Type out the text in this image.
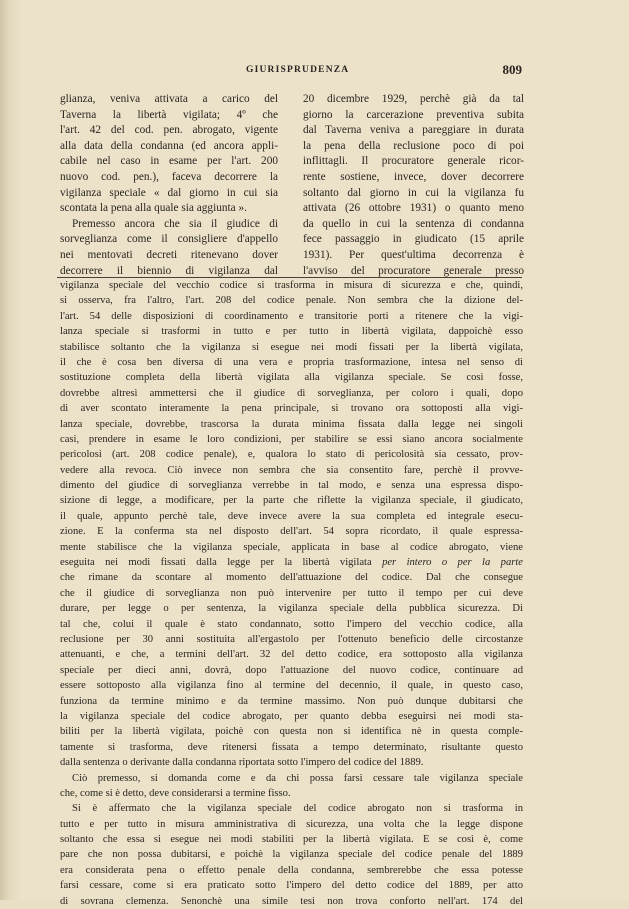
GIURISPRUDENZA	809
glianza, veniva attivata a carico del
Taverna la libertà vigilata; 4º che
l'art. 42 del cod. pen. abrogato, vigente
alla data della condanna (ed ancora appli-
cabile nel caso in esame per l'art. 200
nuovo cod. pen.), faceva decorrere la
vigilanza speciale « dal giorno in cui sia
scontata la pena alla quale sia aggiunta ».
Premesso ancora che sia il giudice di
sorveglianza come il consigliere d'appello
nei mentovati decreti ritenevano dover
decorrere il biennio di vigilanza dal
20 dicembre 1929, perchè già da tal
giorno la carcerazione preventiva subita
dal Taverna veniva a pareggiare in durata
la pena della reclusione poco di poi
inflittagli. Il procuratore generale ricor-
rente sostiene, invece, dover decorrere
soltanto dal giorno in cui la vigilanza fu
attivata (26 ottobre 1931) o quanto meno
da quello in cui la sentenza di condanna
fece passaggio in giudicato (15 aprile
1931). Per quest'ultima decorrenza è
l'avviso del procuratore generale presso
vigilanza speciale del vecchio codice si trasforma in misura di sicurezza e che, quindi,
si osserva, fra l'altro, l'art. 208 del codice penale. Non sembra che la dizione del-
l'art. 54 delle disposizioni di coordinamento e transitorie porti a ritenere che la vigi-
lanza speciale si trasformi in tutto e per tutto in libertà vigilata, dappoichè esso
stabilisce soltanto che la vigilanza si esegue nei modi fissati per la libertà vigilata,
il che è cosa ben diversa di una vera e propria trasformazione, intesa nel senso di
sostituzione completa della libertà vigilata alla vigilanza speciale. Se così fosse,
dovrebbe altresì ammettersi che il giudice di sorveglianza, per coloro i quali, dopo
di aver scontato interamente la pena principale, si trovano ora sottoposti alla vigi-
lanza speciale, dovrebbe, trascorsa la durata minima fissata dalla legge nei singoli
casi, prendere in esame le loro condizioni, per stabilire se essi siano ancora socialmente
pericolosi (art. 208 codice penale), e, qualora lo stato di pericolosità sia cessato, prov-
vedere alla revoca. Ciò invece non sembra che sia consentito fare, perchè il provve-
dimento del giudice di sorveglianza verrebbe in tal modo, e senza una espressa dispo-
sizione di legge, a modificare, per la parte che riflette la vigilanza speciale, il giudicato,
il quale, appunto perchè tale, deve invece avere la sua completa ed integrale esecu-
zione. E la conferma sta nel disposto dell'art. 54 sopra ricordato, il quale espressa-
mente stabilisce che la vigilanza speciale, applicata in base al codice abrogato, viene
eseguita nei modi fissati dalla legge per la libertà vigilata per intero o per la parte
che rimane da scontare al momento dell'attuazione del codice. Dal che consegue
che il giudice di sorveglianza non può intervenire per tutto il tempo per cui deve
durare, per legge o per sentenza, la vigilanza speciale della pubblica sicurezza. Di
tal che, colui il quale è stato condannato, sotto l'impero del vecchio codice, alla
reclusione per 30 anni sostituita all'ergastolo per l'ottenuto beneficio delle circostanze
attenuanti, e che, a termini dell'art. 32 del detto codice, era sottoposto alla vigilanza
speciale per dieci anni, dovrà, dopo l'attuazione del nuovo codice, continuare ad
essere sottoposto alla vigilanza fino al termine del decennio, il quale, in questo caso,
funziona da termine minimo e da termine massimo. Non può dunque dubitarsi che
la vigilanza speciale del codice abrogato, per quanto debba eseguirsi nei modi sta-
biliti per la libertà vigilata, poichè con questa non si identifica nè in questa comple-
tamente si trasforma, deve ritenersi fissata a tempo determinato, risultante questo
dalla sentenza o derivante dalla condanna riportata sotto l'impero del codice del 1889.
Ciò premesso, si domanda come e da chi possa farsi cessare tale vigilanza speciale
che, come si è detto, deve considerarsi a termine fisso.
Si è affermato che la vigilanza speciale del codice abrogato non si trasforma in
tutto e per tutto in misura amministrativa di sicurezza, una volta che la legge dispone
soltanto che essa si esegue nei modi stabiliti per la libertà vigilata. E se così è, come
pare che non possa dubitarsi, e poichè la vigilanza speciale del codice penale del 1889
era considerata pena o effetto penale della condanna, sembrerebbe che essa potesse
farsi cessare, come si era praticato sotto l'impero del detto codice del 1889, per atto
di sovrana clemenza. Senonchè una simile tesi non trova conforto nell'art. 174 del
